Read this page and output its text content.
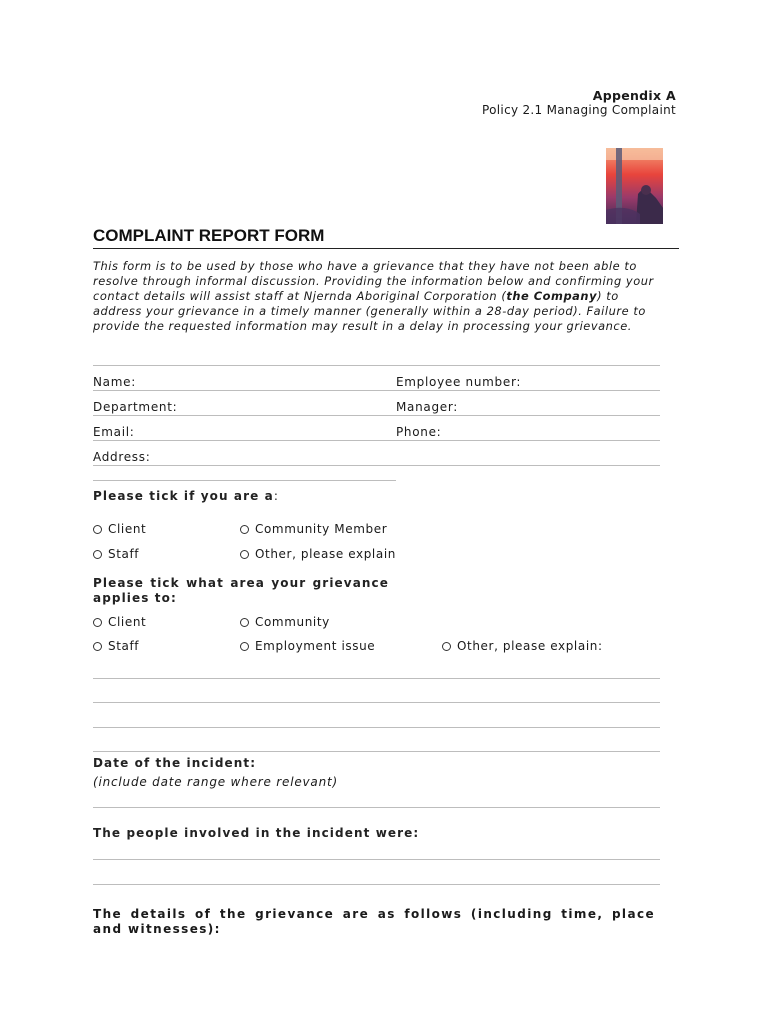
Appendix A
Policy 2.1 Managing Complaint
COMPLAINT REPORT FORM
This form is to be used by those who have a grievance that they have not been able to resolve through informal discussion. Providing the information below and confirming your contact details will assist staff at Njernda Aboriginal Corporation (the Company) to address your grievance in a timely manner (generally within a 28-day period). Failure to provide the requested information may result in a delay in processing your grievance.
Name:	Employee number:
Department:	Manager:
Email:	Phone:
Address:
Please tick if you are a:
Client	Community Member
Staff	Other, please explain
Please tick what area your grievance applies to:
Client	Community
Staff	Employment issue	Other, please explain:
Date of the incident:
(include date range where relevant)
The people involved in the incident were:
The details of the grievance are as follows (including time, place and witnesses):
